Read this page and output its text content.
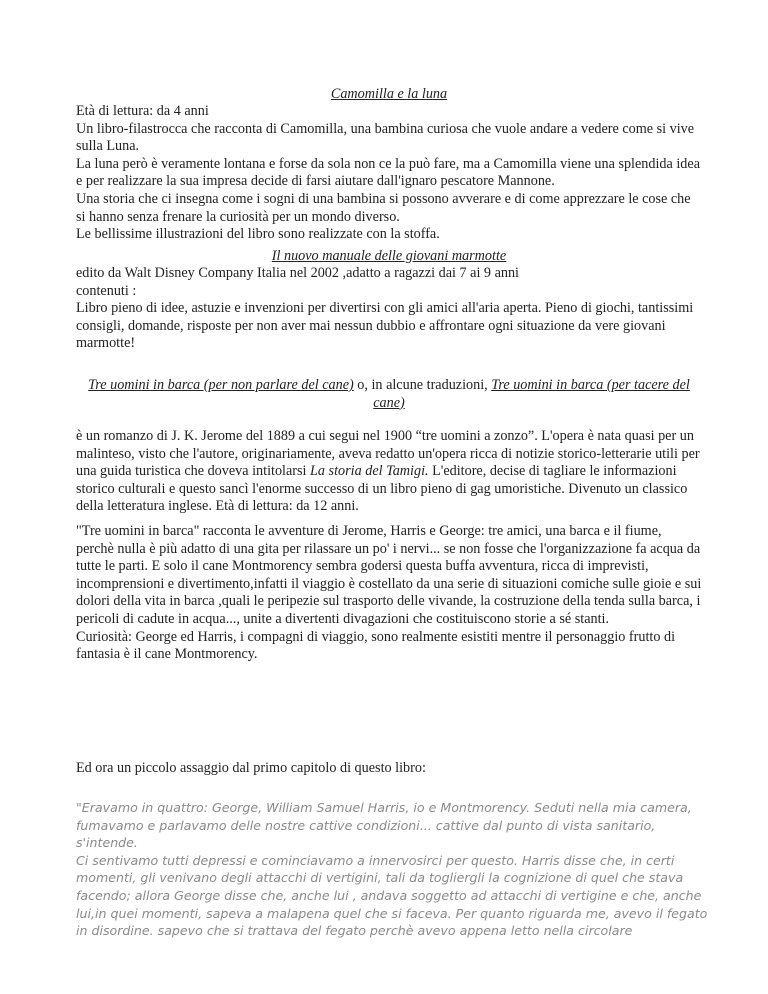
Camomilla e la luna

Età di lettura: da 4 anni

Un libro-filastrocca che racconta di Camomilla, una bambina curiosa che vuole andare a vedere come si vive sulla Luna.

La luna però è veramente lontana e forse da sola non ce la può fare, ma a Camomilla viene una splendida idea e per realizzare la sua impresa decide di farsi aiutare dall'ignaro pescatore Mannone.

Una storia che ci insegna come i sogni di una bambina si possono avverare e di come apprezzare le cose che si hanno senza frenare la curiosità per un mondo diverso.

Le bellissime illustrazioni del libro sono realizzate con la stoffa.

Il nuovo manuale delle giovani marmotte

edito da Walt Disney Company Italia nel 2002 ,adatto a ragazzi dai 7 ai 9 anni

contenuti :

Libro pieno di idee, astuzie e invenzioni per divertirsi con gli amici all'aria aperta. Pieno di giochi, tantissimi consigli, domande, risposte per non aver mai nessun dubbio e affrontare ogni situazione da vere giovani marmotte!

Tre uomini in barca (per non parlare del cane) o, in alcune traduzioni, Tre uomini in barca (per tacere del cane)
è un romanzo di J. K. Jerome del 1889 a cui segui nel 1900 “tre uomini a zonzo”. L'opera è nata quasi per un malinteso, visto che l'autore, originariamente, aveva redatto un'opera ricca di notizie storico-letterarie utili per una guida turistica che doveva intitolarsi La storia del Tamigi. L'editore, decise di tagliare le informazioni storico culturali e questo sancì l'enorme successo di un libro pieno di gag umoristiche. Divenuto un classico della letteratura inglese. Età di lettura: da 12 anni.

"Tre uomini in barca" racconta le avventure di Jerome, Harris e George: tre amici, una barca e il fiume, perchè nulla è più adatto di una gita per rilassare un po' i nervi... se non fosse che l'organizzazione fa acqua da tutte le parti. E solo il cane Montmorency sembra godersi questa buffa avventura, ricca di imprevisti, incomprensioni e divertimento,infatti il viaggio è costellato da una serie di situazioni comiche sulle gioie e sui dolori della vita in barca ,quali le peripezie sul trasporto delle vivande, la costruzione della tenda sulla barca, i pericoli di cadute in acqua..., unite a divertenti divagazioni che costituiscono storie a sé stanti.

Curiosità: George ed Harris, i compagni di viaggio, sono realmente esistiti mentre il personaggio frutto di fantasia è il cane Montmorency.

Ed ora un piccolo assaggio dal primo capitolo di questo libro:

"Eravamo in quattro: George, William Samuel Harris, io e Montmorency. Seduti nella mia camera, fumavamo e parlavamo delle nostre cattive condizioni... cattive dal punto di vista sanitario, s'intende.

Ci sentivamo tutti depressi e cominciavamo a innervosirci per questo. Harris disse che, in certi momenti, gli venivano degli attacchi di vertigini, tali da togliergli la cognizione di quel che stava facendo; allora George disse che, anche lui , andava soggetto ad attacchi di vertigine e che, anche lui,in quei momenti, sapeva a malapena quel che si faceva. Per quanto riguarda me, avevo il fegato in disordine. sapevo che si trattava del fegato perchè avevo appena letto nella circolare
